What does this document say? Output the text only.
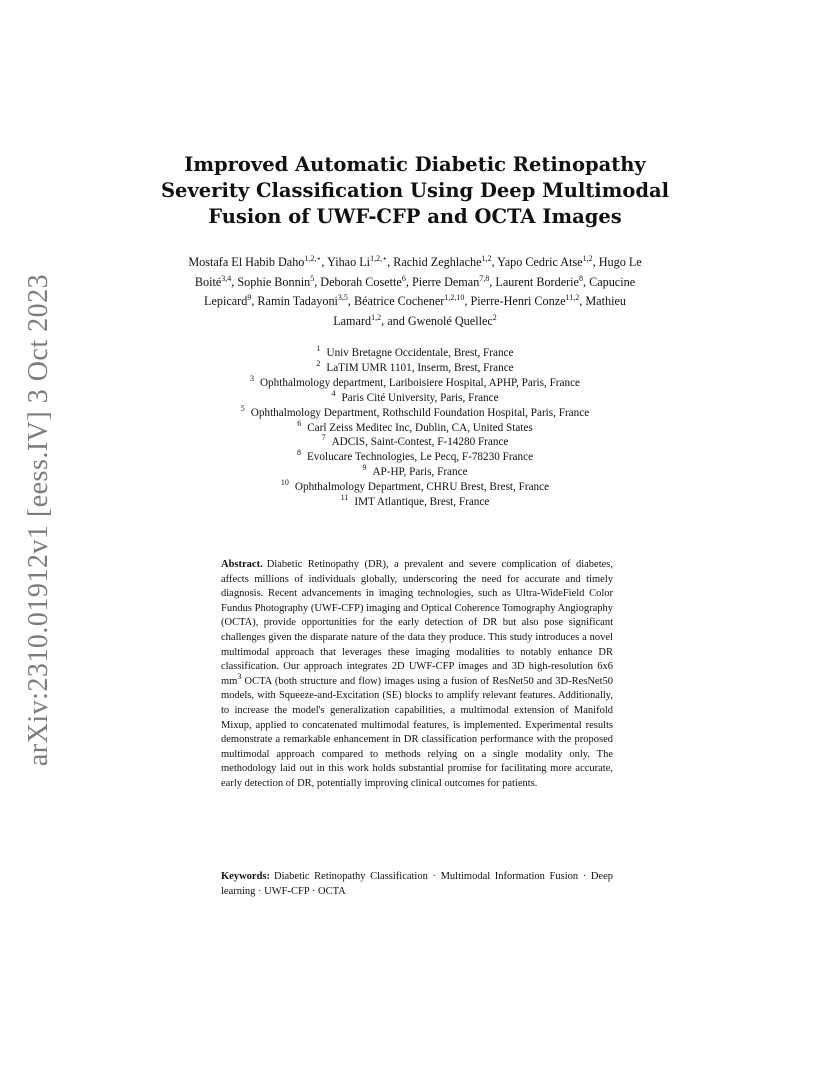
arXiv:2310.01912v1 [eess.IV] 3 Oct 2023
Improved Automatic Diabetic Retinopathy
Severity Classification Using Deep Multimodal
Fusion of UWF-CFP and OCTA Images
Mostafa El Habib Daho$^{1,2,⋆}$, Yihao $Li^{1,2,⋆}$, Rachid Zeghlache$^{1,2}$, Yapo Cedric Atse$^{1,2}$, Hugo Le Boité$^{3,4}$, Sophie Bonnin$^5$, Deborah Cosette$^6$, Pierre Deman$^{7,8}$, Laurent Borderie$^8$, Capucine Lepicard$^9$, Ramin Tadayoni$^{3,5}$, Béatrice Cochener$^{1,2,10}$, Pierre-Henri Conze$^{11,2}$, Mathieu Lamard$^{1,2}$, and Gwenolé Quellec$^2$
$^1$ Univ Bretagne Occidentale, Brest, France
$^2$ LaTIM UMR 1101, Inserm, Brest, France
$^3$ Ophthalmology department, Lariboisiere Hospital, APHP, Paris, France
$^4$ Paris Cité University, Paris, France
$^5$ Ophthalmology Department, Rothschild Foundation Hospital, Paris, France
$^6$ Carl Zeiss Meditec Inc, Dublin, CA, United States
$^7$ ADCIS, Saint-Contest, F-14280 France
$^8$ Evolucare Technologies, Le Pecq, F-78230 France
$^9$ AP-HP, Paris, France
$^{10}$ Ophthalmology Department, CHRU Brest, Brest, France
$^{11}$ IMT Atlantique, Brest, France
Abstract. Diabetic Retinopathy (DR), a prevalent and severe complication of diabetes, affects millions of individuals globally, underscoring the need for accurate and timely diagnosis. Recent advancements in imaging technologies, such as Ultra-WideField Color Fundus Photography (UWF-CFP) imaging and Optical Coherence Tomography Angiography (OCTA), provide opportunities for the early detection of DR but also pose significant challenges given the disparate nature of the data they produce. This study introduces a novel multimodal approach that leverages these imaging modalities to notably enhance DR classification. Our approach integrates 2D UWF-CFP images and 3D high-resolution 6x6 $mm^3$ OCTA (both structure and flow) images using a fusion of ResNet50 and 3D-ResNet50 models, with Squeeze-and-Excitation (SE) blocks to amplify relevant features. Additionally, to increase the model's generalization capabilities, a multimodal extension of Manifold Mixup, applied to concatenated multimodal features, is implemented. Experimental results demonstrate a remarkable enhancement in DR classification performance with the proposed multimodal approach compared to methods relying on a single modality only. The methodology laid out in this work holds substantial promise for facilitating more accurate, early detection of DR, potentially improving clinical outcomes for patients.
Keywords: Diabetic Retinopathy Classification · Multimodal Information Fusion · Deep learning · UWF-CFP · OCTA
